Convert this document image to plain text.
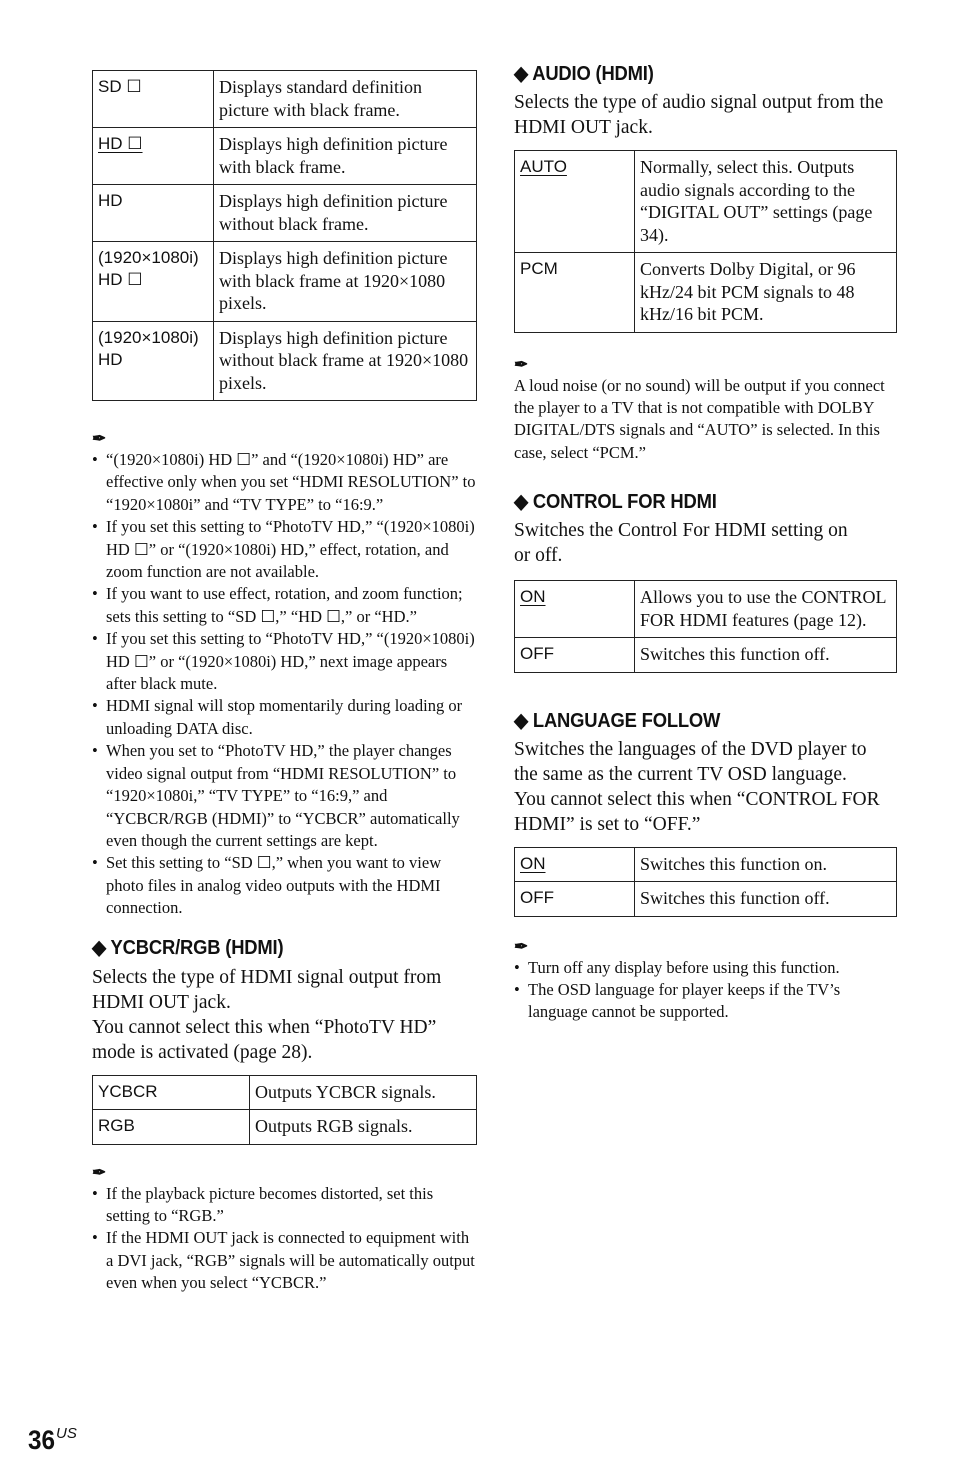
SD ☐	Displays standard definition picture with black frame.
HD ☐	Displays high definition picture with black frame.
HD	Displays high definition picture without black frame.
(1920×1080i) HD ☐	Displays high definition picture with black frame at 1920×1080 pixels.
(1920×1080i) HD	Displays high definition picture without black frame at 1920×1080 pixels.

✒

• “(1920×1080i) HD ☐” and “(1920×1080i) HD” are effective only when you set “HDMI RESOLUTION” to “1920×1080i” and “TV TYPE” to “16:9.”
• If you set this setting to “PhotoTV HD,” “(1920×1080i) HD ☐” or “(1920×1080i) HD,” effect, rotation, and zoom function are not available.
• If you want to use effect, rotation, and zoom function; sets this setting to “SD ☐,” “HD ☐,” or “HD.”
• If you set this setting to “PhotoTV HD,” “(1920×1080i) HD ☐” or “(1920×1080i) HD,” next image appears after black mute.
• HDMI signal will stop momentarily during loading or unloading DATA disc.
• When you set to “PhotoTV HD,” the player changes video signal output from “HDMI RESOLUTION” to “1920×1080i,” “TV TYPE” to “16:9,” and “YCBCR/RGB (HDMI)” to “YCBCR” automatically even though the current settings are kept.
• Set this setting to “SD ☐,” when you want to view photo files in analog video outputs with the HDMI connection.

◆ YCBCR/RGB (HDMI)

Selects the type of HDMI signal output from HDMI OUT jack.

You cannot select this when “PhotoTV HD” mode is activated (page 28).

YCBCR	Outputs YCBCR signals.
RGB	Outputs RGB signals.

✒

• If the playback picture becomes distorted, set this setting to “RGB.”
• If the HDMI OUT jack is connected to equipment with a DVI jack, “RGB” signals will be automatically output even when you select “YCBCR.”

◆ AUDIO (HDMI)

Selects the type of audio signal output from the HDMI OUT jack.

AUTO	Normally, select this. Outputs audio signals according to the “DIGITAL OUT” settings (page 34).
PCM	Converts Dolby Digital, or 96 kHz/24 bit PCM signals to 48 kHz/16 bit PCM.

✒

A loud noise (or no sound) will be output if you connect the player to a TV that is not compatible with DOLBY DIGITAL/DTS signals and “AUTO” is selected. In this case, select “PCM.”

◆ CONTROL FOR HDMI

Switches the Control For HDMI setting on or off.

ON	Allows you to use the CONTROL FOR HDMI features (page 12).
OFF	Switches this function off.

◆ LANGUAGE FOLLOW

Switches the languages of the DVD player to the same as the current TV OSD language.

You cannot select this when “CONTROL FOR HDMI” is set to “OFF.”

ON	Switches this function on.
OFF	Switches this function off.

✒

• Turn off any display before using this function.
• The OSD language for player keeps if the TV’s language cannot be supported.
36US
